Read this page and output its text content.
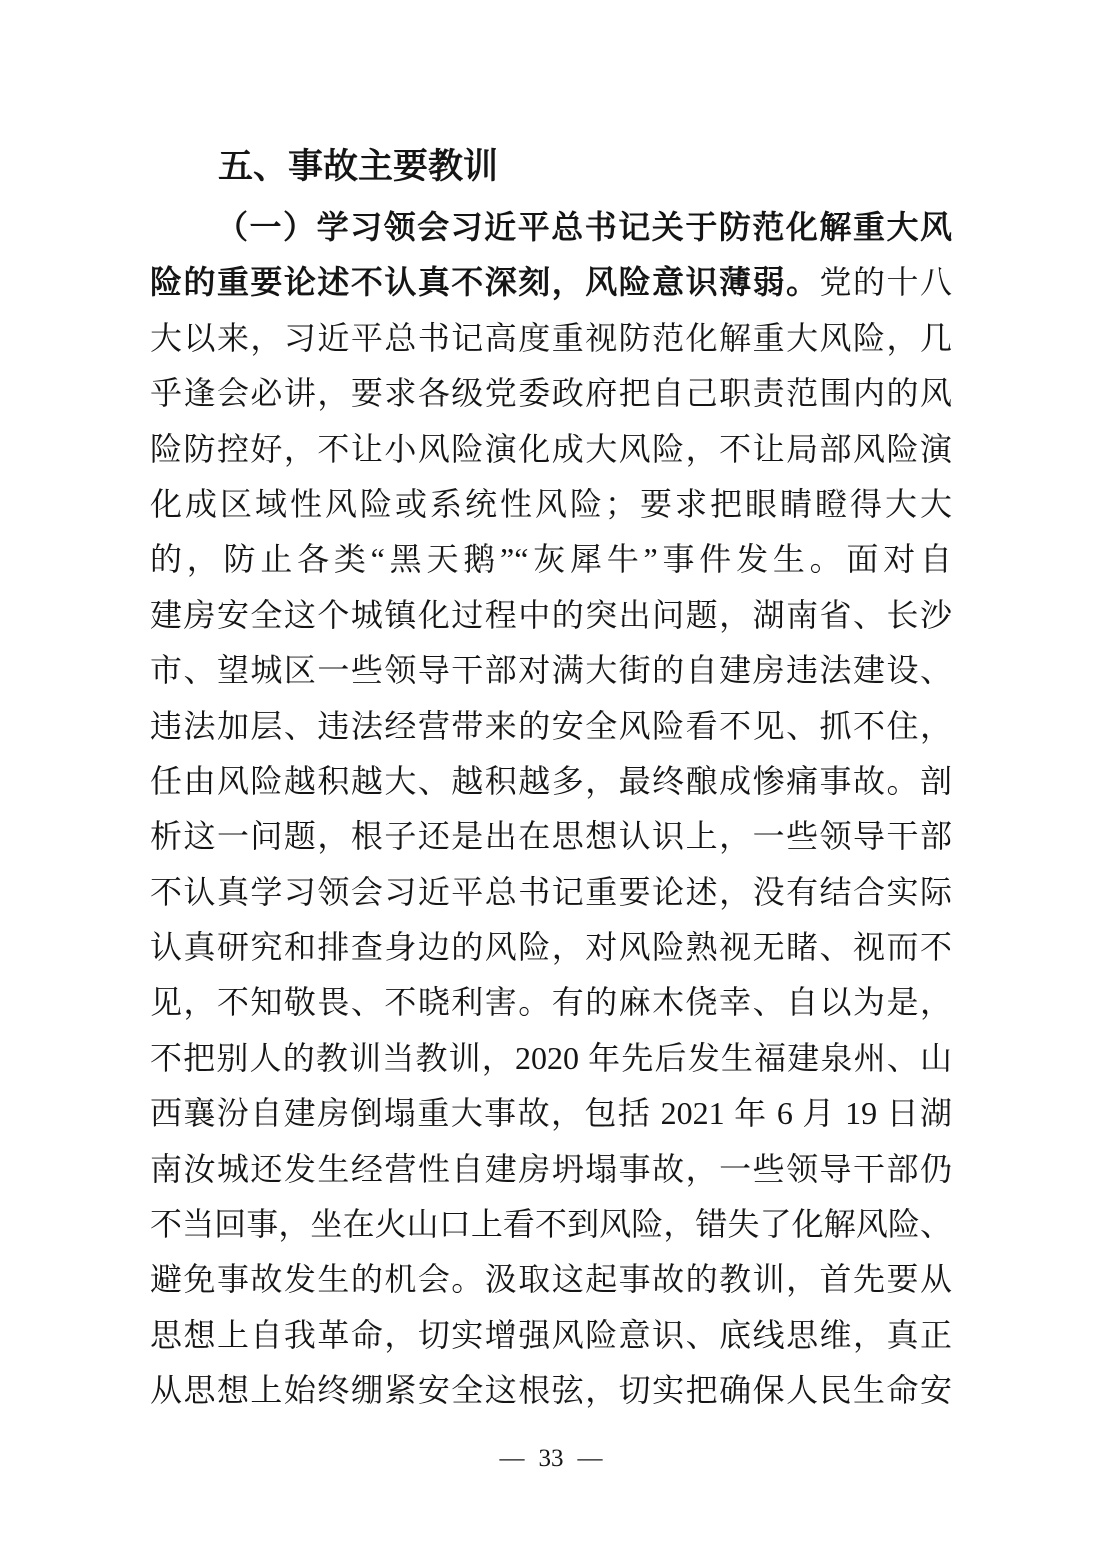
五、事故主要教训
（一）学习领会习近平总书记关于防范化解重大风
险的重要论述不认真不深刻，风险意识薄弱。党的十八
大以来，习近平总书记高度重视防范化解重大风险，几
乎逢会必讲，要求各级党委政府把自己职责范围内的风
险防控好，不让小风险演化成大风险，不让局部风险演
化成区域性风险或系统性风险；要求把眼睛瞪得大大
的，防止各类“黑天鹅”“灰犀牛”事件发生。面对自
建房安全这个城镇化过程中的突出问题，湖南省、长沙
市、望城区一些领导干部对满大街的自建房违法建设、
违法加层、违法经营带来的安全风险看不见、抓不住，
任由风险越积越大、越积越多，最终酿成惨痛事故。剖
析这一问题，根子还是出在思想认识上，一些领导干部
不认真学习领会习近平总书记重要论述，没有结合实际
认真研究和排查身边的风险，对风险熟视无睹、视而不
见，不知敬畏、不晓利害。有的麻木侥幸、自以为是，
不把别人的教训当教训，2020 年先后发生福建泉州、山
西襄汾自建房倒塌重大事故，包括 2021 年 6 月 19 日湖
南汝城还发生经营性自建房坍塌事故，一些领导干部仍
不当回事，坐在火山口上看不到风险，错失了化解风险、
避免事故发生的机会。汲取这起事故的教训，首先要从
思想上自我革命，切实增强风险意识、底线思维，真正
从思想上始终绷紧安全这根弦，切实把确保人民生命安
— 33 —
